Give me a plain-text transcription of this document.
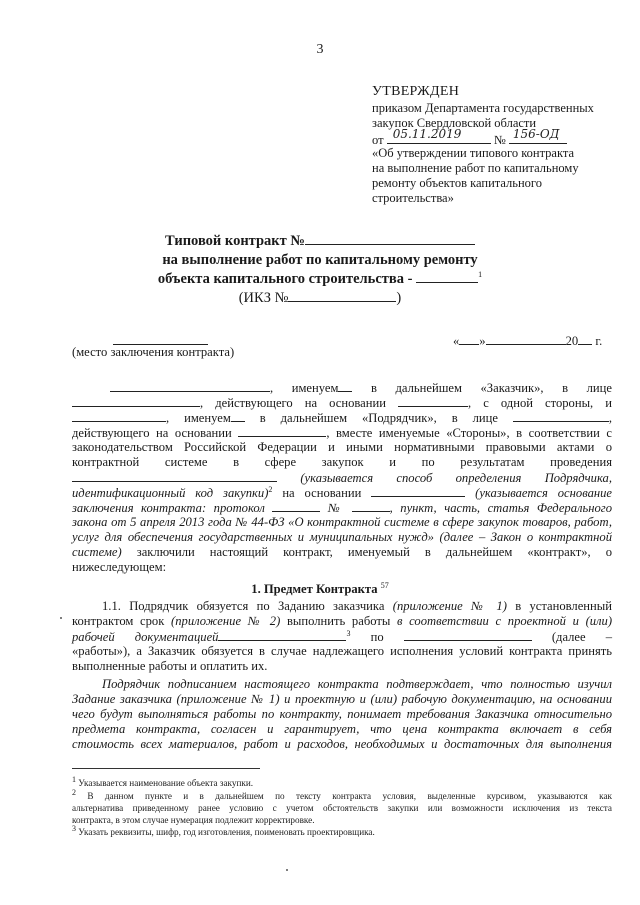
3
УТВЕРЖДЕН
приказом Департамента государственных
закупок Свердловской области
от 05.11.2019	№ 156-ОД
«Об утверждении типового контракта
на выполнение работ по капитальному
ремонту объектов капитального
строительства»
Типовой контракт №
на выполнение работ по капитальному ремонту
объекта капитального строительства -	$^1$
(ИКЗ №	)
(место заключения контракта)
« »	20 г.
, именуем	в дальнейшем «Заказчик», в лице
, действующего на основании	, с одной стороны, и
, именуем в дальнейшем «Подрядчик», в лице	,
действующего на основании	, вместе именуемые «Стороны», в соответствии с
законодательством Российской Федерации и иными нормативными правовыми актами о
контрактной системе в сфере закупок и по результатам проведения
(указывается способ определения Подрядчика,
идентификационный код закупки)$^2$ на основании	(указывается основание
заключения контракта: протокол	№	, пункт, часть, статья Федерального
закона от 5 апреля 2013 года № 44-ФЗ «О контрактной системе в сфере закупок товаров, работ,
услуг для обеспечения государственных и муниципальных нужд» (далее – Закон о контрактной
системе) заключили настоящий контракт, именуемый в дальнейшем «контракт», о
нижеследующем:
1. Предмет Контракта $^{57}$
1.1. Подрядчик обязуется по Заданию заказчика (приложение № 1) в установленный
контрактом срок (приложение № 2) выполнить работы в соответствии с проектной и (или)
рабочей документацией	$^3$ по	(далее –
«работы»), а Заказчик обязуется в случае надлежащего исполнения условий контракта принять
выполненные работы и оплатить их.
Подрядчик подписанием настоящего контракта подтверждает, что полностью изучил
Задание заказчика (приложение № 1) и проектную и (или) рабочую документацию, на основании
чего будут выполняться работы по контракту, понимает требования Заказчика относительно
предмета контракта, согласен и гарантирует, что цена контракта включает в себя
стоимость всех материалов, работ и расходов, необходимых и достаточных для выполнения
$^1$ Указывается наименование объекта закупки.
$^2$ В данном пункте и в дальнейшем по тексту контракта условия, выделенные курсивом, указываются как
альтернатива приведенному ранее условию с учетом обстоятельств закупки или возможности исключения из текста
контракта, в этом случае нумерация подлежит корректировке.
$^3$ Указать реквизиты, шифр, год изготовления, поименовать проектировщика.
